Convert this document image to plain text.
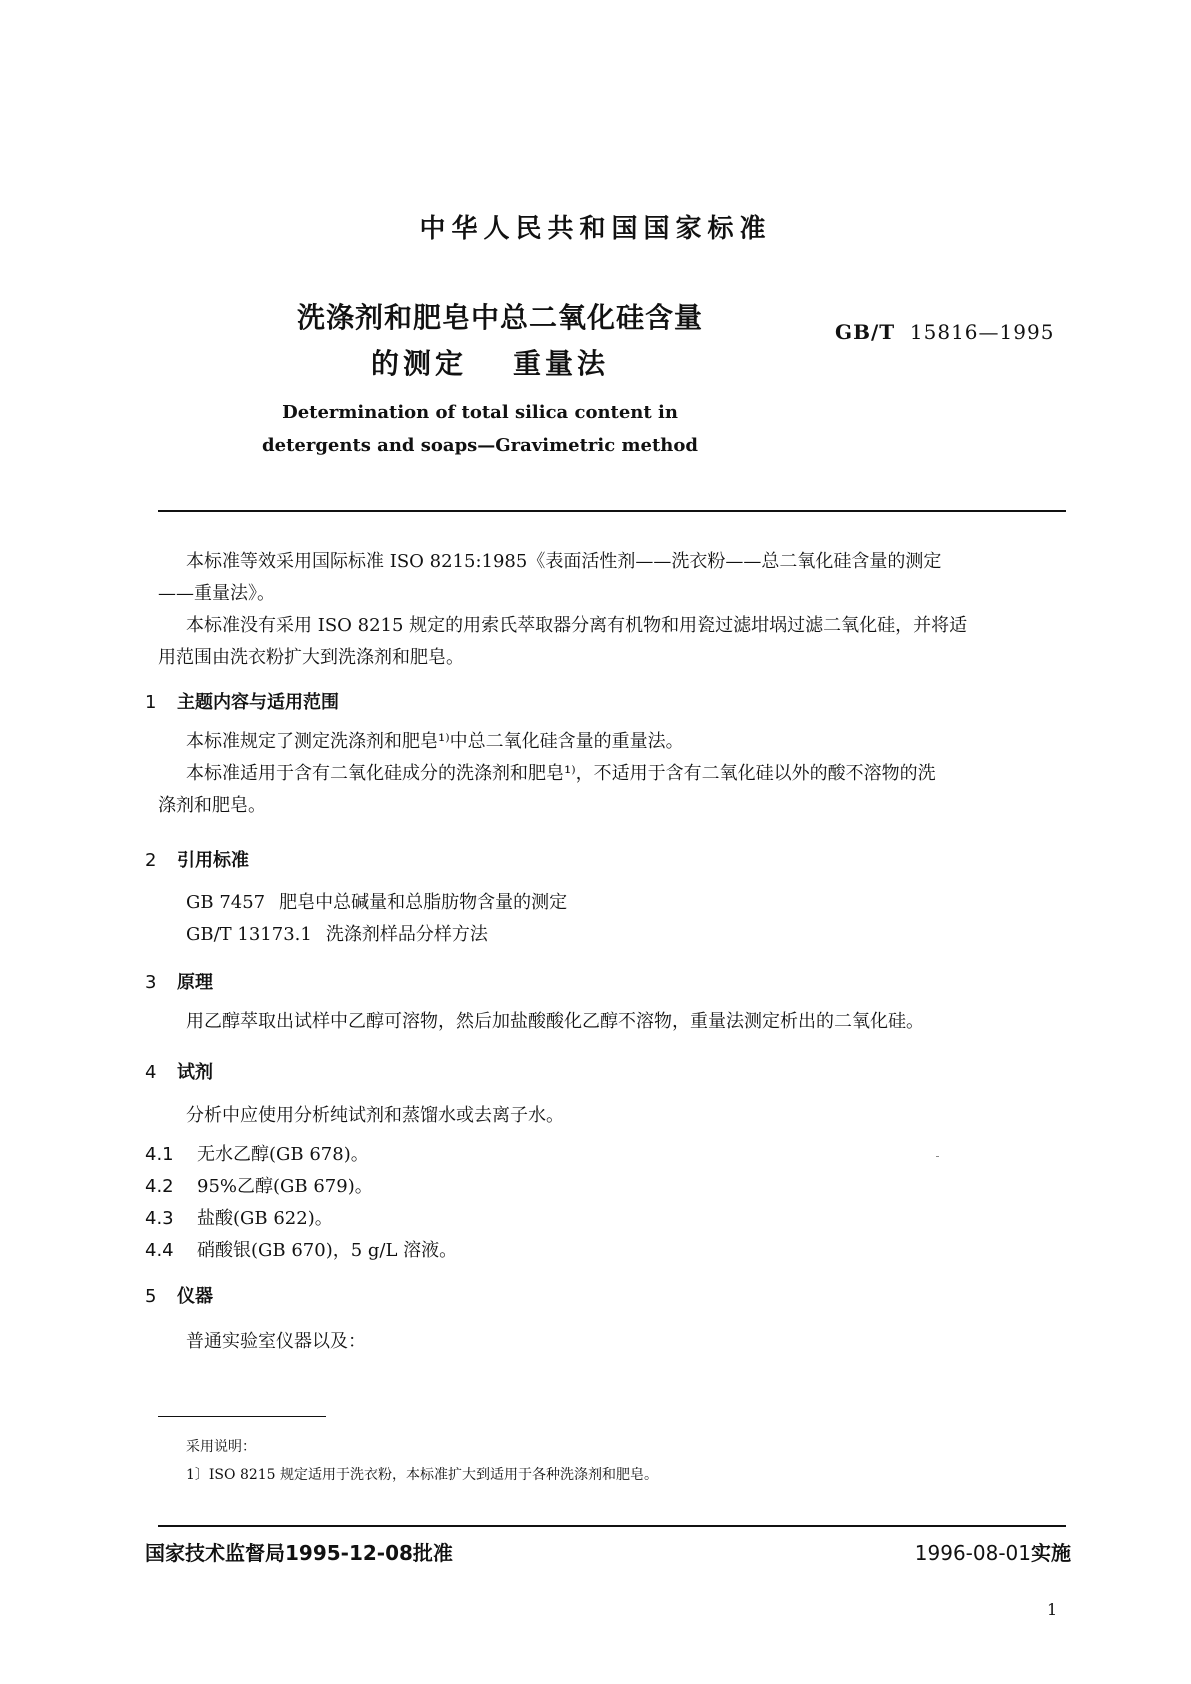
中华人民共和国国家标准
洗涤剂和肥皂中总二氧化硅含量
的测定 重量法
GB/T 15816—1995
Determination of total silica content in
detergents and soaps—Gravimetric method
本标准等效采用国际标准 ISO 8215:1985《表面活性剂——洗衣粉——总二氧化硅含量的测定
——重量法》。
本标准没有采用 ISO 8215 规定的用索氏萃取器分离有机物和用瓷过滤坩埚过滤二氧化硅，并将适
用范围由洗衣粉扩大到洗涤剂和肥皂。
1 主题内容与适用范围
本标准规定了测定洗涤剂和肥皂¹⁾中总二氧化硅含量的重量法。
本标准适用于含有二氧化硅成分的洗涤剂和肥皂¹⁾，不适用于含有二氧化硅以外的酸不溶物的洗
涤剂和肥皂。
2 引用标准
GB 7457 肥皂中总碱量和总脂肪物含量的测定
GB/T 13173.1 洗涤剂样品分样方法
3 原理
用乙醇萃取出试样中乙醇可溶物，然后加盐酸酸化乙醇不溶物，重量法测定析出的二氧化硅。
4 试剂
分析中应使用分析纯试剂和蒸馏水或去离子水。
4.1 无水乙醇(GB 678)。
4.2 95%乙醇(GB 679)。
4.3 盐酸(GB 622)。
4.4 硝酸银(GB 670)，5 g/L 溶液。
5 仪器
普通实验室仪器以及：
采用说明：
1〕ISO 8215 规定适用于洗衣粉，本标准扩大到适用于各种洗涤剂和肥皂。
国家技术监督局1995-12-08批准	1996-08-01实施
1
